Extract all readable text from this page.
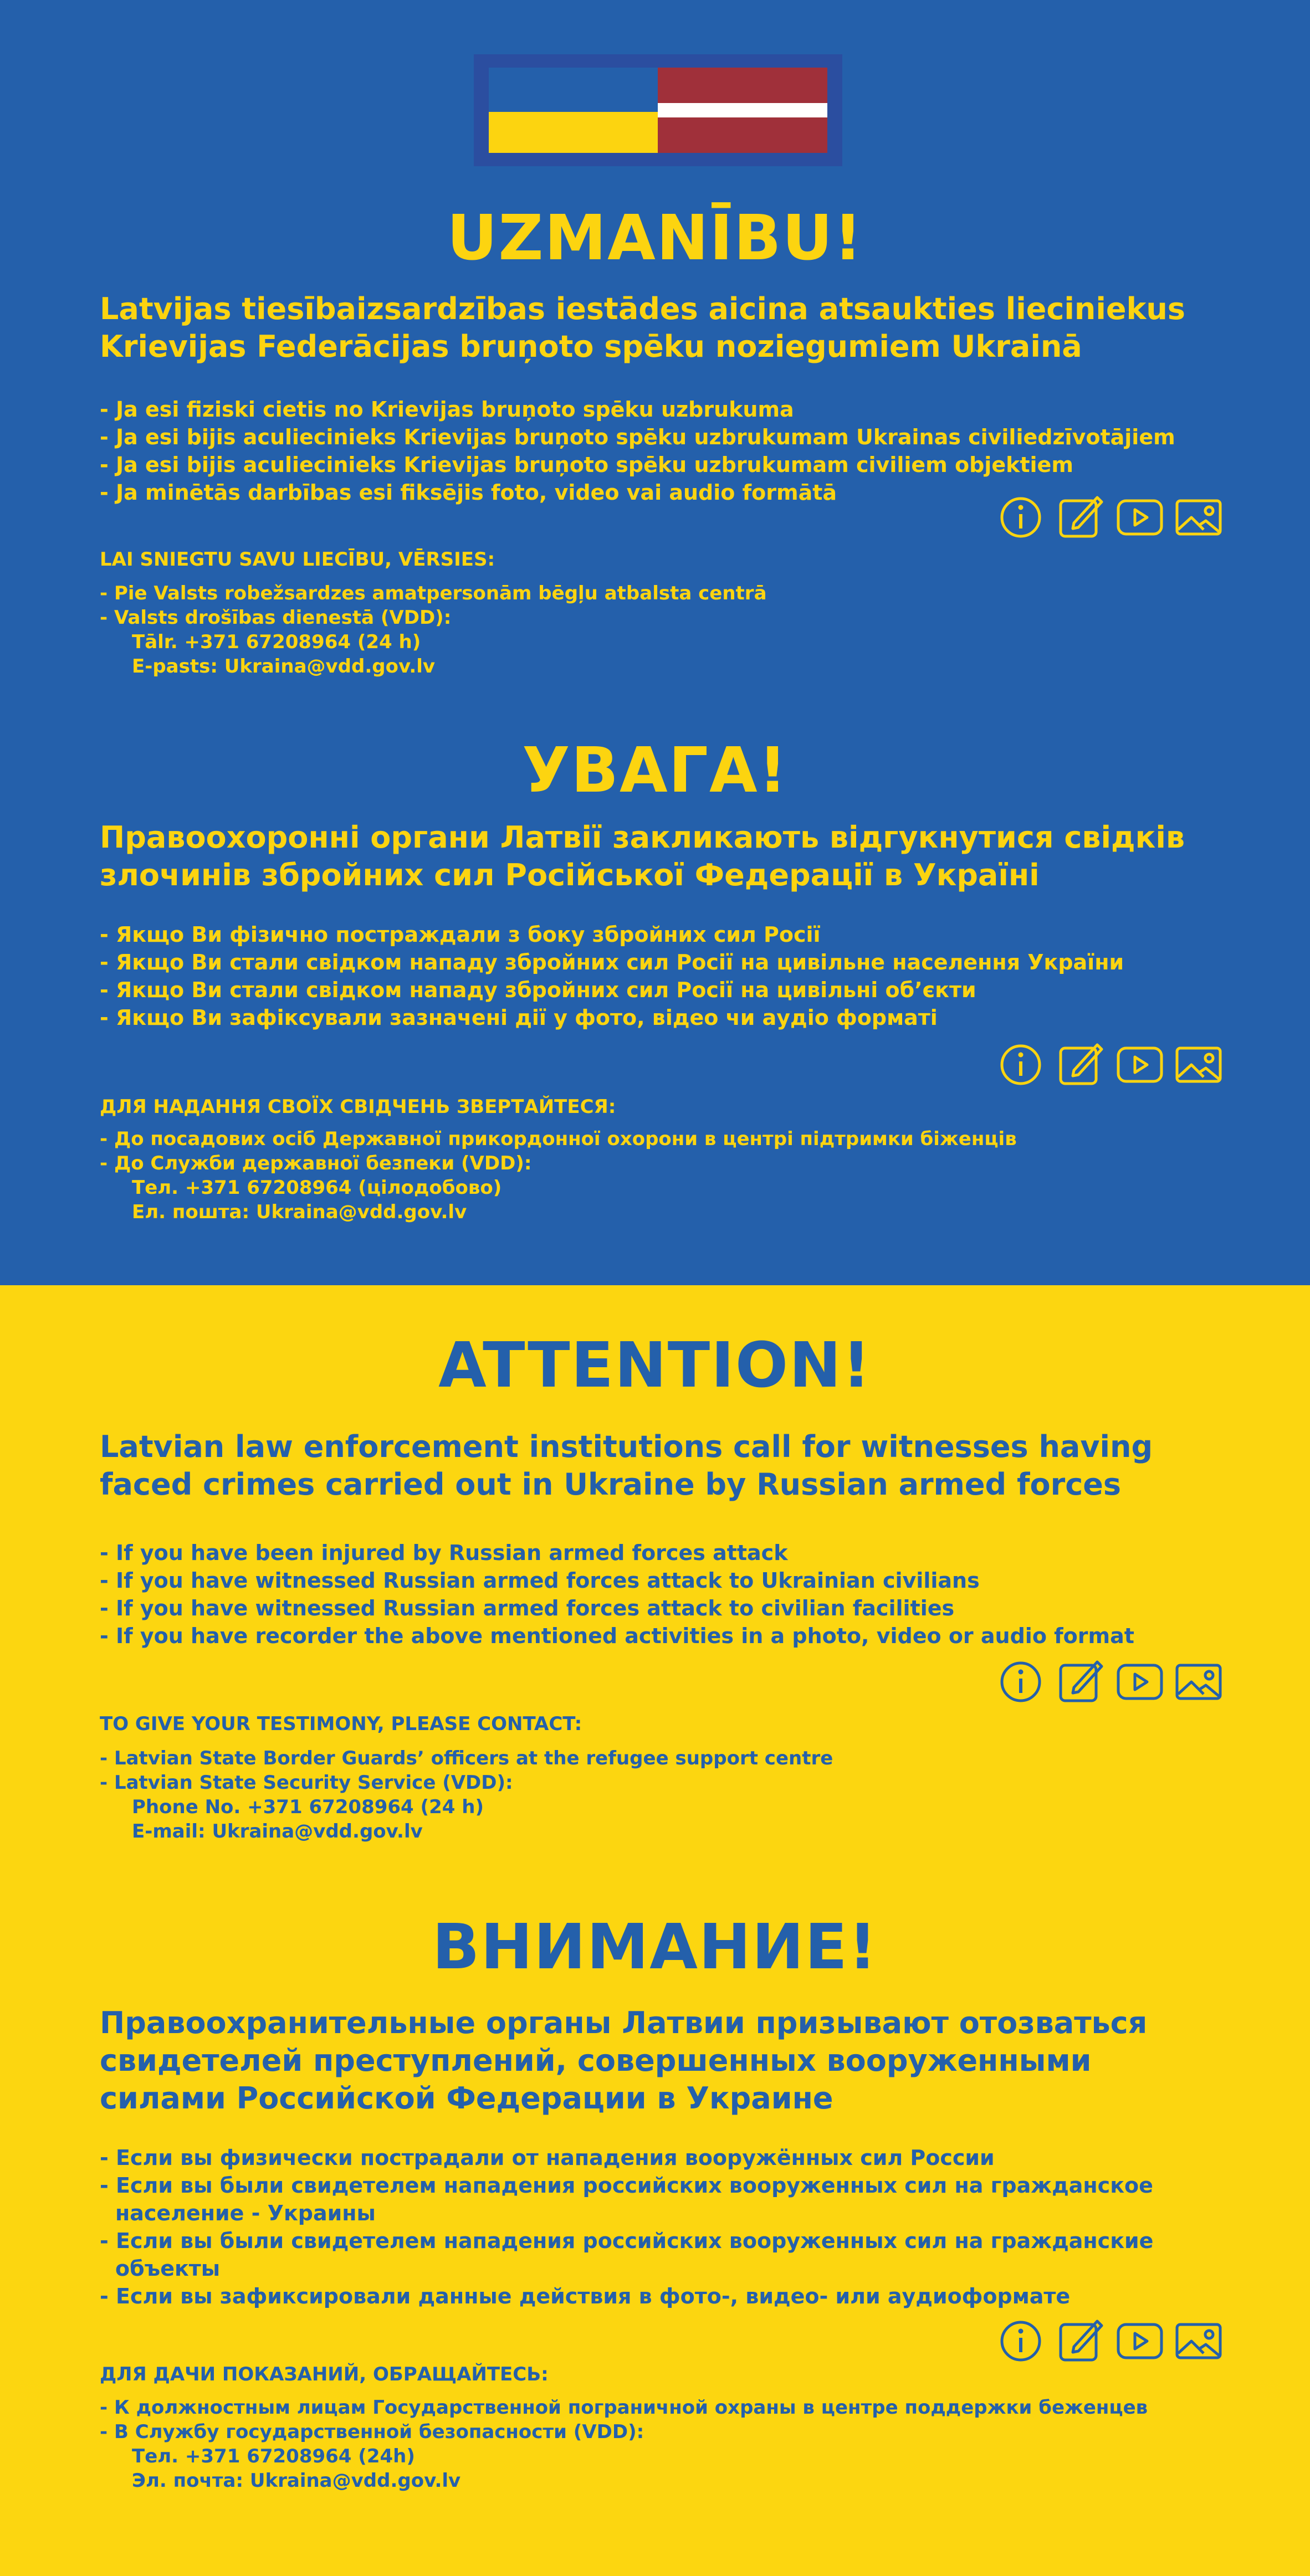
UZMANĪBU!
Latvijas tiesībaizsardzības iestādes aicina atsaukties lieciniekus
Krievijas Federācijas bruņoto spēku noziegumiem Ukrainā
- Ja esi fiziski cietis no Krievijas bruņoto spēku uzbrukuma
- Ja esi bijis aculiecinieks Krievijas bruņoto spēku uzbrukumam Ukrainas civiliedzīvotājiem
- Ja esi bijis aculiecinieks Krievijas bruņoto spēku uzbrukumam civiliem objektiem
- Ja minētās darbības esi fiksējis foto, video vai audio formātā
LAI SNIEGTU SAVU LIECĪBU, VĒRSIES:
- Pie Valsts robežsardzes amatpersonām bēgļu atbalsta centrā
- Valsts drošības dienestā (VDD):
Tālr. +371 67208964 (24 h)
E-pasts: Ukraina@vdd.gov.lv
УВАГА!
Правоохоронні органи Латвії закликають відгукнутися свідків
злочинів збройних сил Російської Федерації в Україні
- Якщо Ви фізично постраждали з боку збройних сил Росії
- Якщо Ви стали свідком нападу збройних сил Росії на цивільне населення України
- Якщо Ви стали свідком нападу збройних сил Росії на цивільні об’єкти
- Якщо Ви зафіксували зазначені дії у фото, відео чи аудіо форматі
ДЛЯ НАДАННЯ СВОЇХ СВІДЧЕНЬ ЗВЕРТАЙТЕСЯ:
- До посадових осіб Державної прикордонної охорони в центрі підтримки біженців
- До Служби державної безпеки (VDD):
Тел. +371 67208964 (цілодобово)
Ел. пошта: Ukraina@vdd.gov.lv
ATTENTION!
Latvian law enforcement institutions call for witnesses having
faced crimes carried out in Ukraine by Russian armed forces
- If you have been injured by Russian armed forces attack
- If you have witnessed Russian armed forces attack to Ukrainian civilians
- If you have witnessed Russian armed forces attack to civilian facilities
- If you have recorder the above mentioned activities in a photo, video or audio format
TO GIVE YOUR TESTIMONY, PLEASE CONTACT:
- Latvian State Border Guards’ officers at the refugee support centre
- Latvian State Security Service (VDD):
Phone No. +371 67208964 (24 h)
E-mail: Ukraina@vdd.gov.lv
ВНИМАНИЕ!
Правоохранительные органы Латвии призывают отозваться
свидетелей преступлений, совершенных вооруженными
силами Российской Федерации в Украине
- Если вы физически пострадали от нападения вооружённых сил России
- Если вы были свидетелем нападения российских вооруженных сил на гражданское население - Украины
- Если вы были свидетелем нападения российских вооруженных сил на гражданские объекты
- Если вы зафиксировали данные действия в фото-, видео- или аудиоформате
ДЛЯ ДАЧИ ПОКАЗАНИЙ, ОБРАЩАЙТЕСЬ:
- К должностным лицам Государственной пограничной охраны в центре поддержки беженцев
- В Службу государственной безопасности (VDD):
Тел. +371 67208964 (24h)
Эл. почта: Ukraina@vdd.gov.lv
